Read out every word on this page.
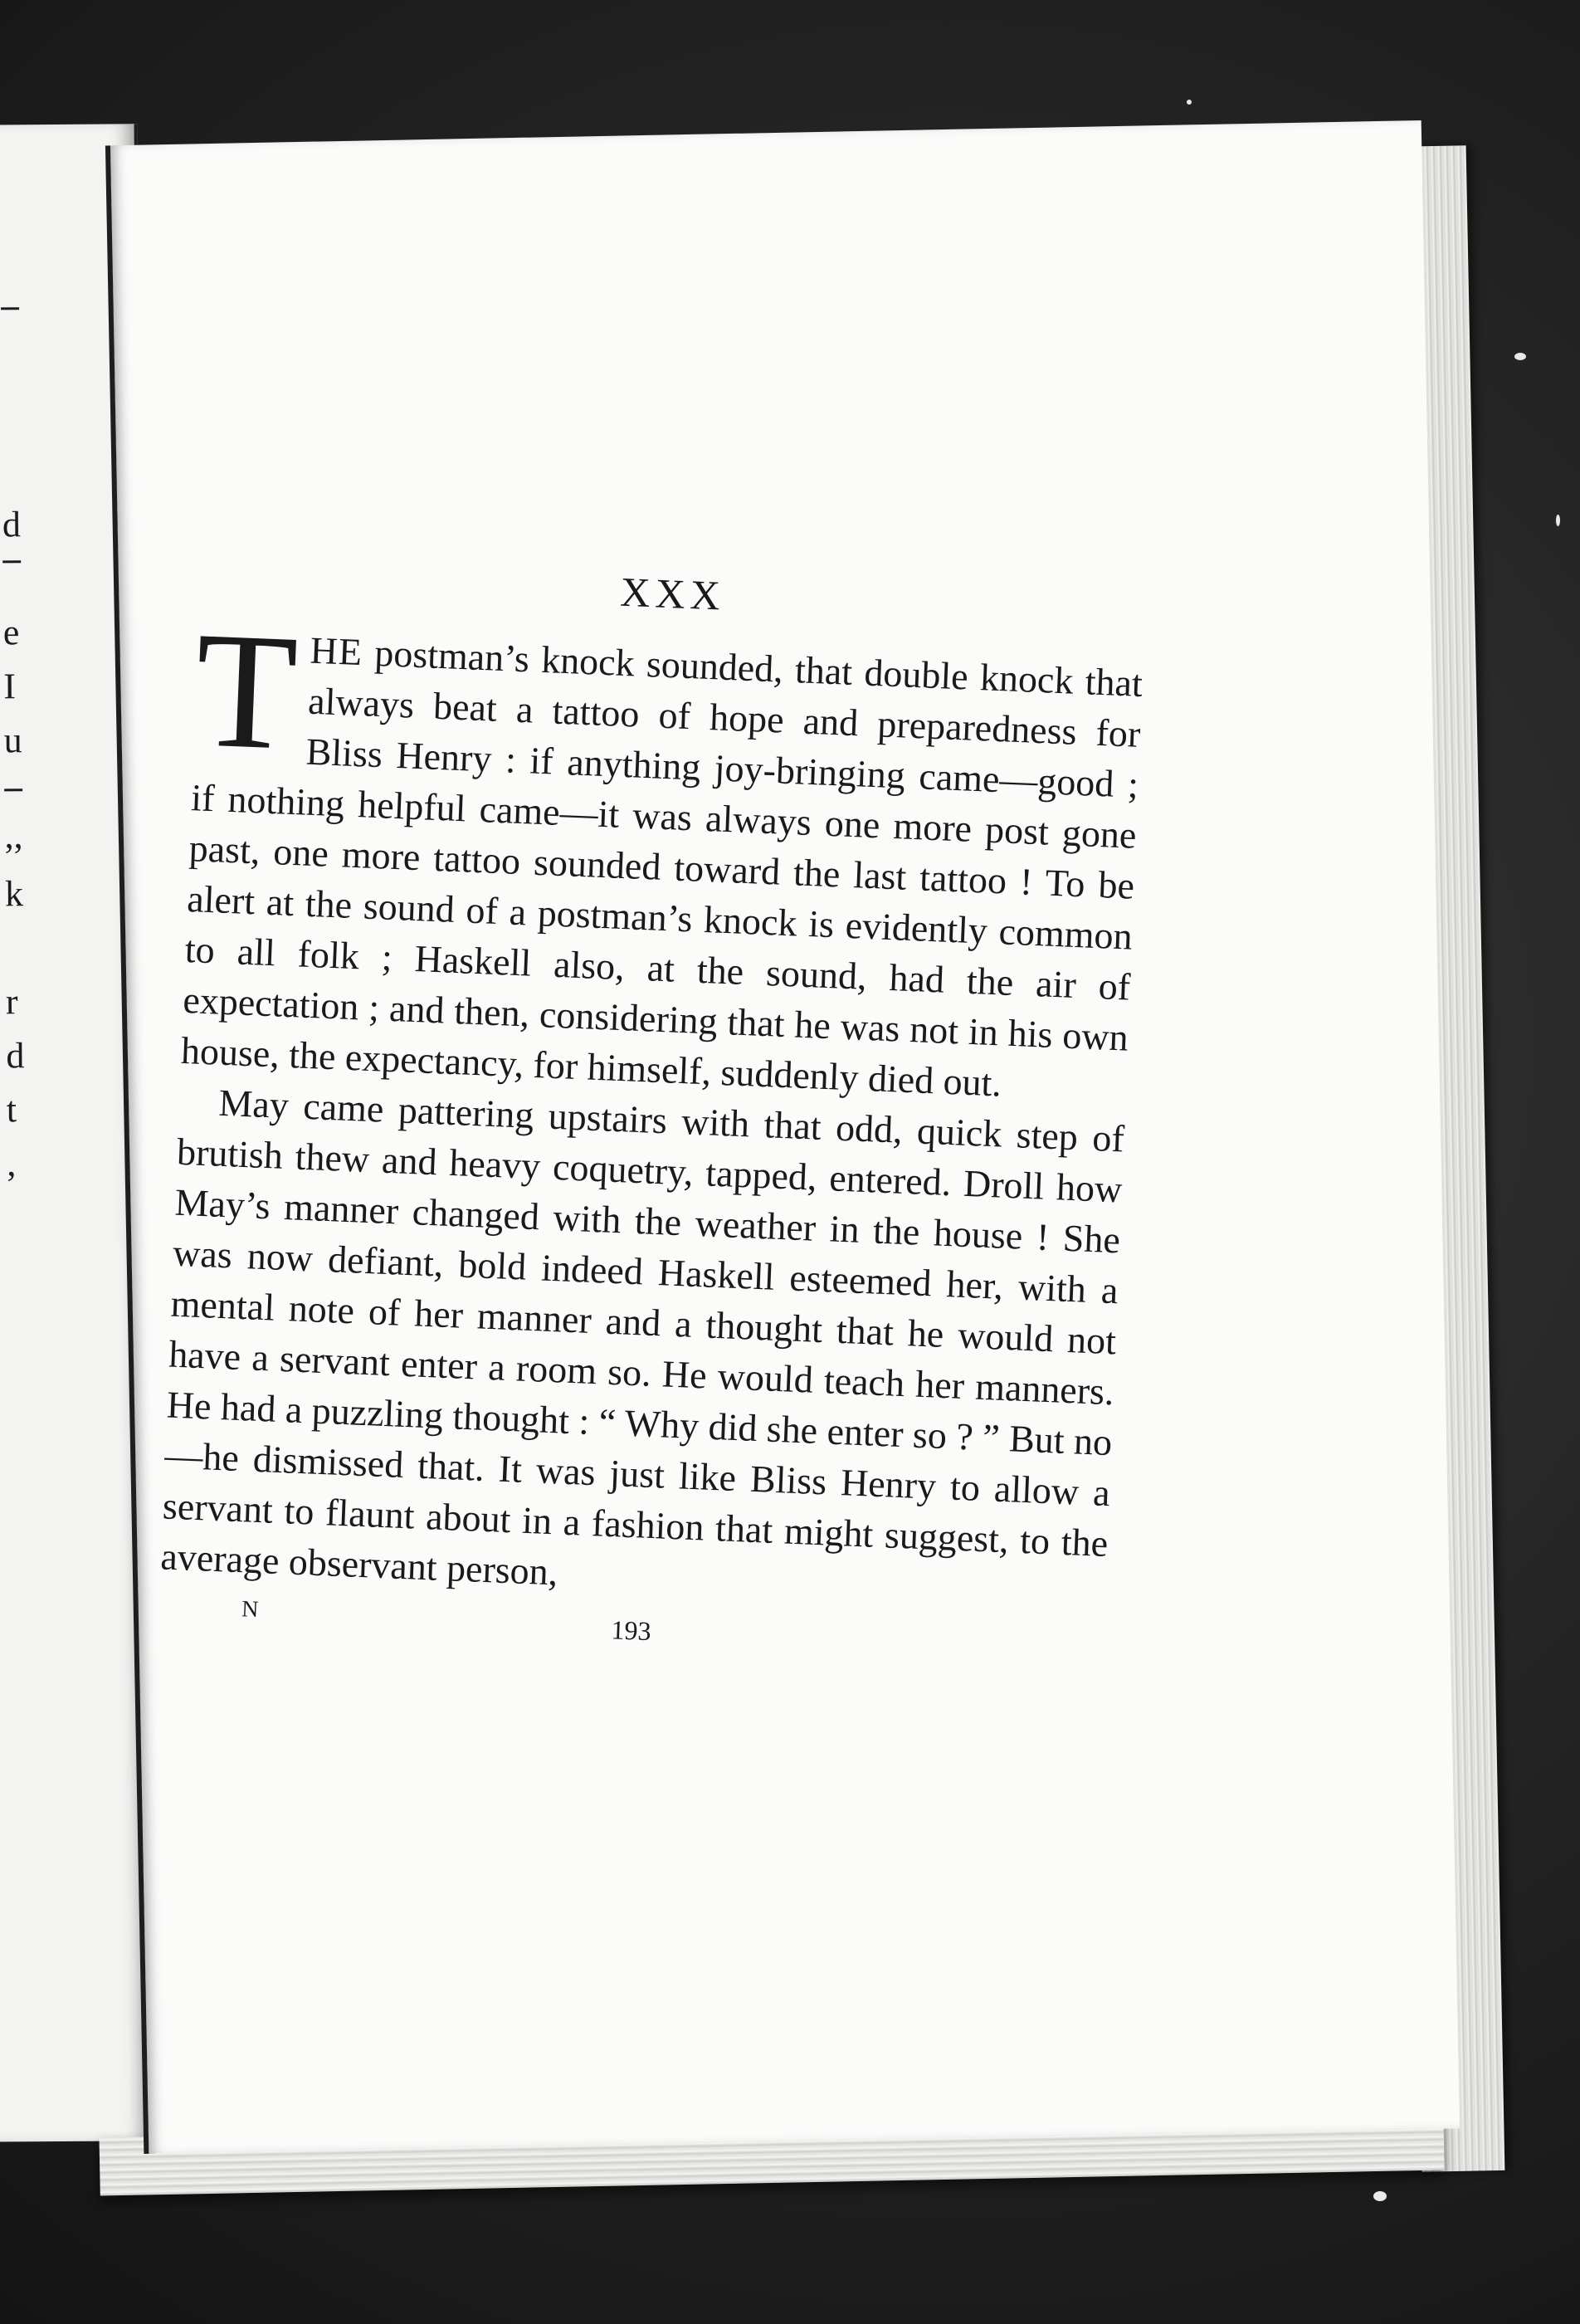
d
e
I
u
,,
k
r
d
t
,
XXX

THE postman’s knock sounded, that double knock that always beat a tattoo of hope and preparedness for Bliss Henry : if anything joy-bringing came—good ; if nothing helpful came—it was always one more post gone past, one more tattoo sounded toward the last tattoo ! To be alert at the sound of a postman’s knock is evidently common to all folk ; Haskell also, at the sound, had the air of expectation ; and then, considering that he was not in his own house, the expectancy, for himself, suddenly died out.

May came pattering upstairs with that odd, quick step of brutish thew and heavy coquetry, tapped, entered. Droll how May’s manner changed with the weather in the house ! She was now defiant, bold indeed Haskell esteemed her, with a mental note of her manner and a thought that he would not have a servant enter a room so. He would teach her manners. He had a puzzling thought : “ Why did she enter so ? ” But no—he dismissed that. It was just like Bliss Henry to allow a servant to flaunt about in a fashion that might suggest, to the average observant person,

N
193
